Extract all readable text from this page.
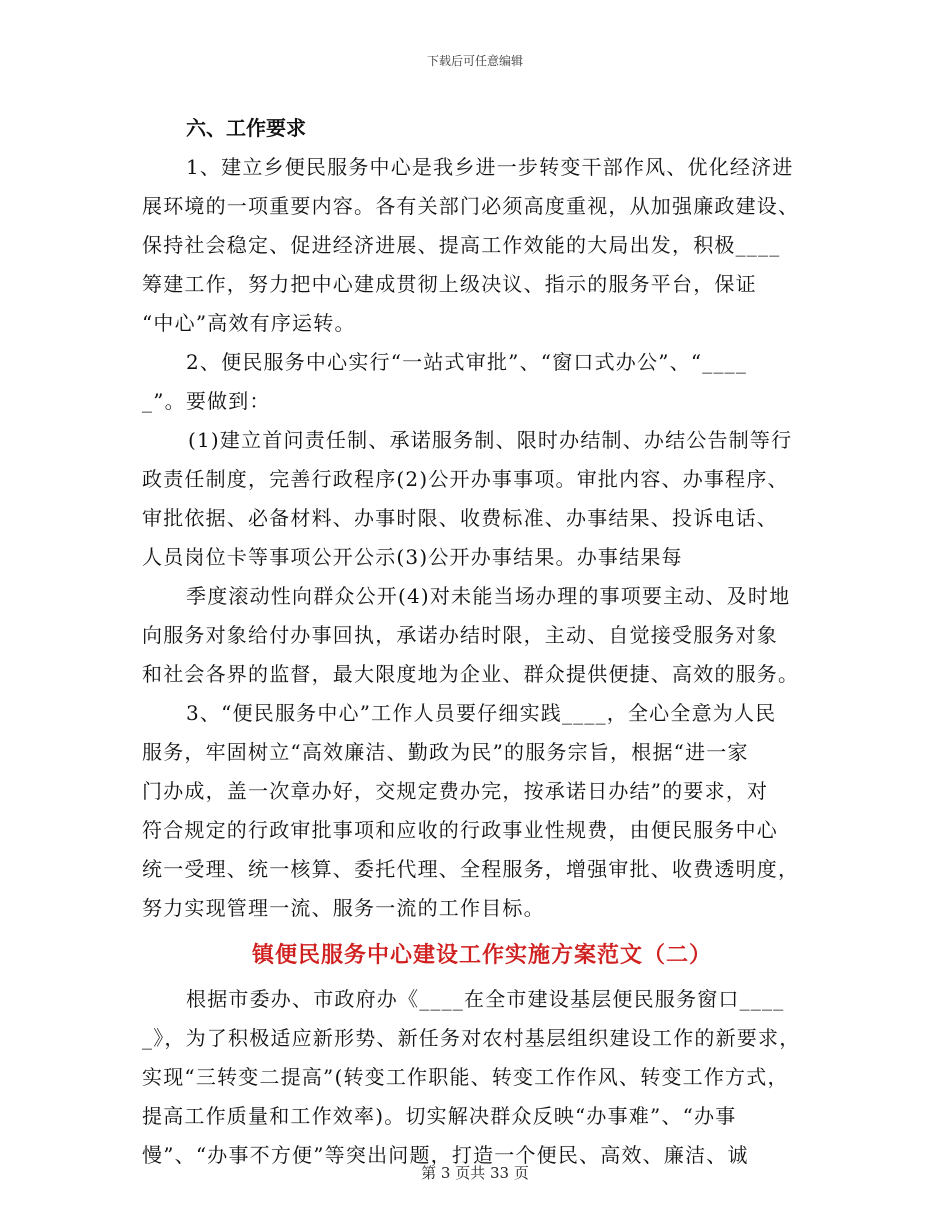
下载后可任意编辑
六、工作要求
1、建立乡便民服务中心是我乡进一步转变干部作风、优化经济进
展环境的一项重要内容。各有关部门必须高度重视，从加强廉政建设、
保持社会稳定、促进经济进展、提高工作效能的大局出发，积极____
筹建工作，努力把中心建成贯彻上级决议、指示的服务平台，保证
“中心”高效有序运转。
2、便民服务中心实行“一站式审批”、“窗口式办公”、“____
_”。要做到：
(1)建立首问责任制、承诺服务制、限时办结制、办结公告制等行
政责任制度，完善行政程序(2)公开办事事项。审批内容、办事程序、
审批依据、必备材料、办事时限、收费标准、办事结果、投诉电话、
人员岗位卡等事项公开公示(3)公开办事结果。办事结果每
季度滚动性向群众公开(4)对未能当场办理的事项要主动、及时地
向服务对象给付办事回执，承诺办结时限，主动、自觉接受服务对象
和社会各界的监督，最大限度地为企业、群众提供便捷、高效的服务。
3、“便民服务中心”工作人员要仔细实践____，全心全意为人民
服务，牢固树立“高效廉洁、勤政为民”的服务宗旨，根据“进一家
门办成，盖一次章办好，交规定费办完，按承诺日办结”的要求，对
符合规定的行政审批事项和应收的行政事业性规费，由便民服务中心
统一受理、统一核算、委托代理、全程服务，增强审批、收费透明度，
努力实现管理一流、服务一流的工作目标。
镇便民服务中心建设工作实施方案范文（二）
根据市委办、市政府办《____在全市建设基层便民服务窗口____
_》，为了积极适应新形势、新任务对农村基层组织建设工作的新要求，
实现“三转变二提高”(转变工作职能、转变工作作风、转变工作方式，
提高工作质量和工作效率)。切实解决群众反映“办事难”、“办事
慢”、“办事不方便”等突出问题，打造一个便民、高效、廉洁、诚
第 3 页共 33 页
